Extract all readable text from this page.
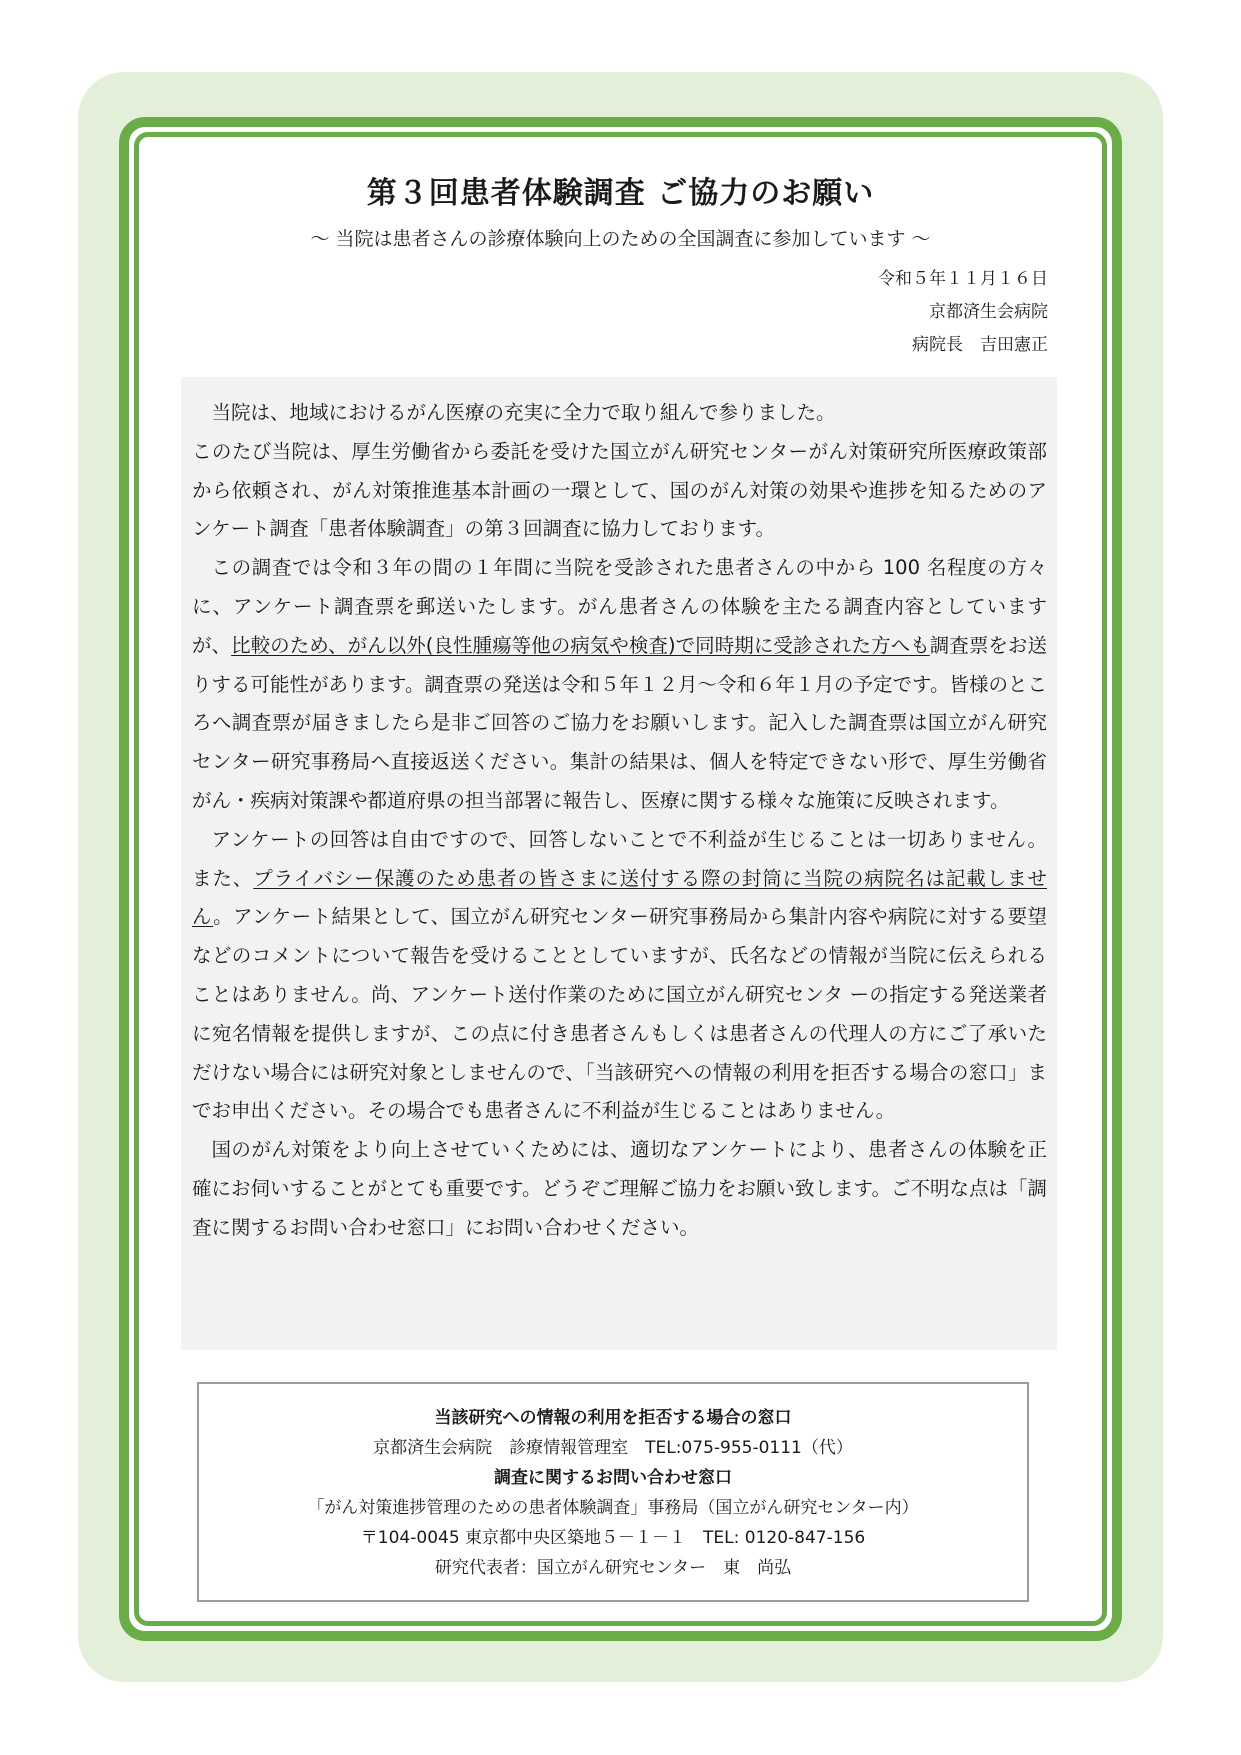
第３回患者体験調査 ご協力のお願い

～ 当院は患者さんの診療体験向上のための全国調査に参加しています ～

令和５年１１月１６日
京都済生会病院
病院長　吉田憲正

当院は、地域におけるがん医療の充実に全力で取り組んで参りました。

このたび当院は、厚生労働省から委託を受けた国立がん研究センターがん対策研究所医療政策部から依頼され、がん対策推進基本計画の一環として、国のがん対策の効果や進捗を知るためのアンケート調査「患者体験調査」の第３回調査に協力しております。

この調査では令和３年の間の１年間に当院を受診された患者さんの中から 100 名程度の方々に、アンケート調査票を郵送いたします。がん患者さんの体験を主たる調査内容としていますが、比較のため、がん以外(良性腫瘍等他の病気や検査)で同時期に受診された方へも調査票をお送りする可能性があります。調査票の発送は令和５年１２月～令和６年１月の予定です。皆様のところへ調査票が届きましたら是非ご回答のご協力をお願いします。記入した調査票は国立がん研究センター研究事務局へ直接返送ください。集計の結果は、個人を特定できない形で、厚生労働省がん・疾病対策課や都道府県の担当部署に報告し、医療に関する様々な施策に反映されます。

アンケートの回答は自由ですので、回答しないことで不利益が生じることは一切ありません。また、プライバシー保護のため患者の皆さまに送付する際の封筒に当院の病院名は記載しません。アンケート結果として、国立がん研究センター研究事務局から集計内容や病院に対する要望などのコメントについて報告を受けることとしていますが、氏名などの情報が当院に伝えられることはありません。尚、アンケート送付作業のために国立がん研究センタ ーの指定する発送業者に宛名情報を提供しますが、この点に付き患者さんもしくは患者さんの代理人の方にご了承いただけない場合には研究対象としませんので、「当該研究への情報の利用を拒否する場合の窓口」までお申出ください。その場合でも患者さんに不利益が生じることはありません。

国のがん対策をより向上させていくためには、適切なアンケートにより、患者さんの体験を正確にお伺いすることがとても重要です。どうぞご理解ご協力をお願い致します。ご不明な点は「調査に関するお問い合わせ窓口」にお問い合わせください。

当該研究への情報の利用を拒否する場合の窓口
京都済生会病院　診療情報管理室　TEL:075-955-0111（代）
調査に関するお問い合わせ窓口
「がん対策進捗管理のための患者体験調査」事務局（国立がん研究センター内）
〒104-0045 東京都中央区築地５－１－１　TEL: 0120-847-156
研究代表者：国立がん研究センター　東　尚弘
